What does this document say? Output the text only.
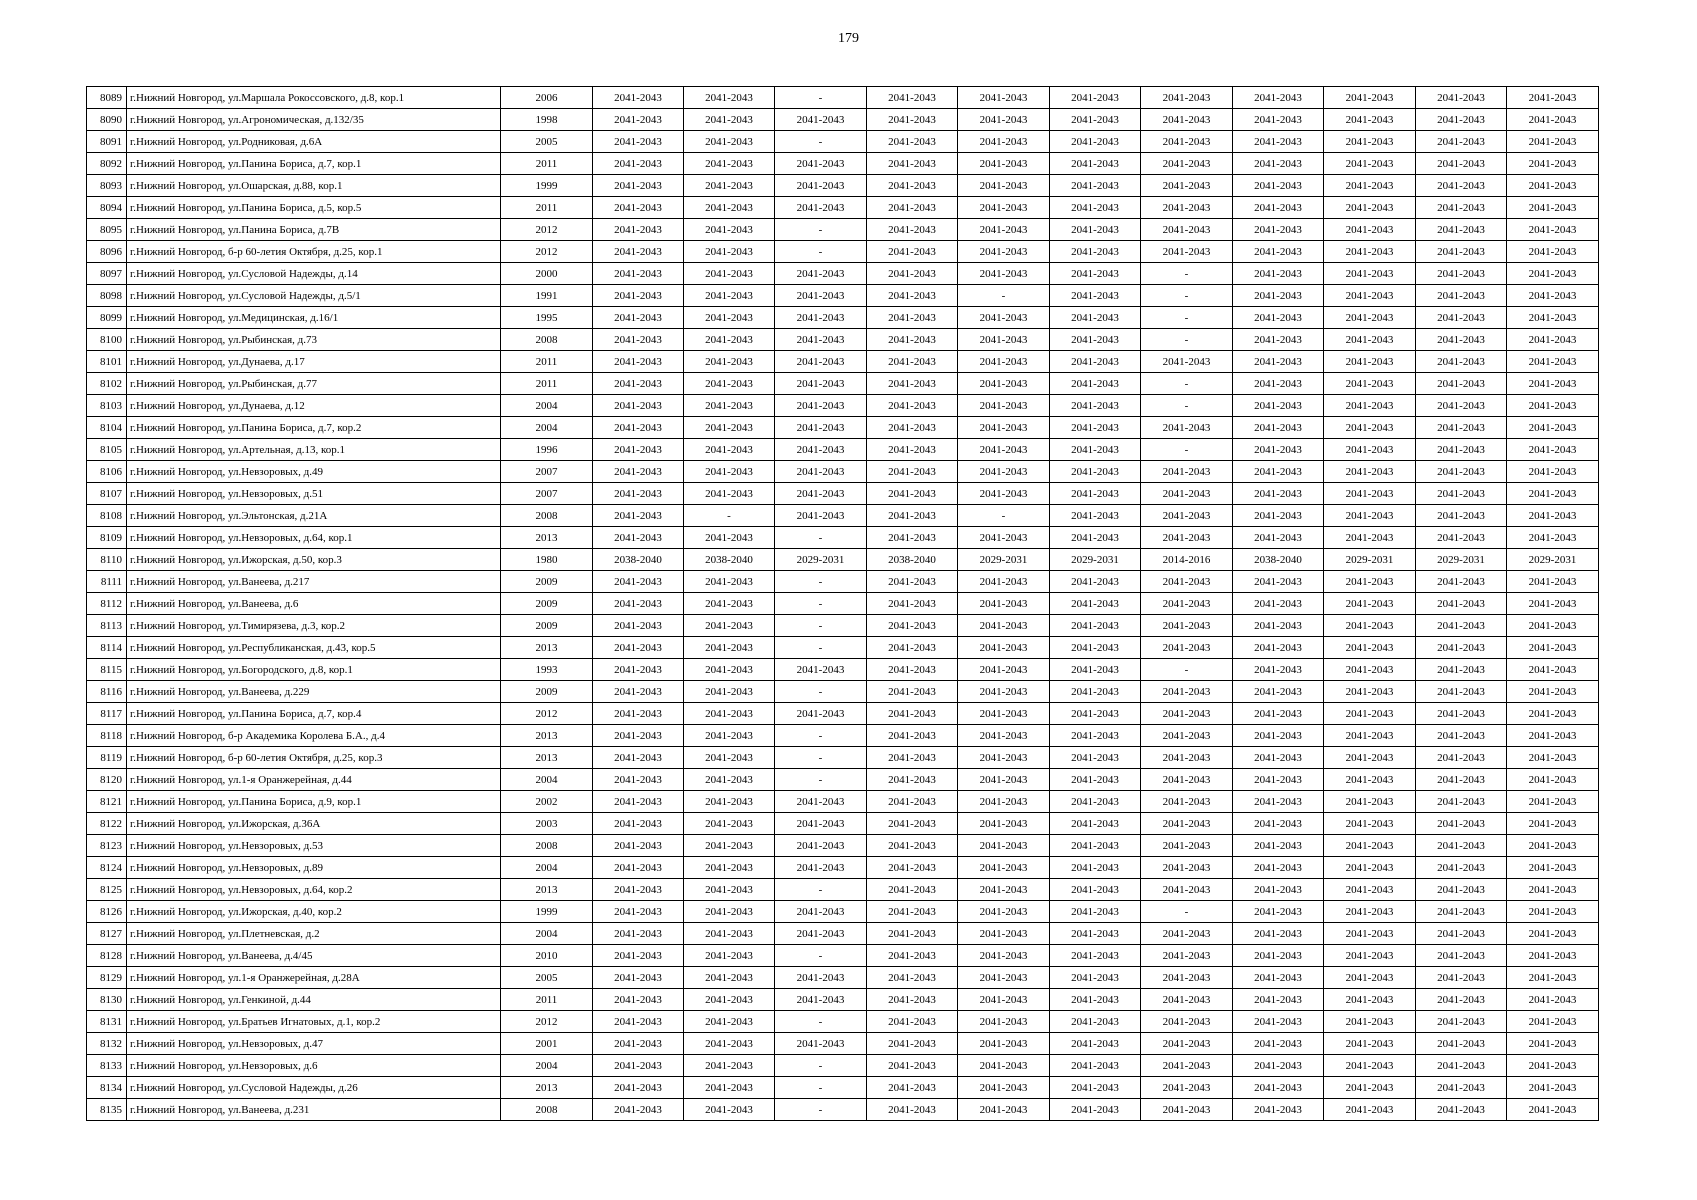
179
8089	г.Нижний Новгород, ул.Маршала Рокоссовского, д.8, кор.1	2006	2041-2043	2041-2043	-	2041-2043	2041-2043	2041-2043	2041-2043	2041-2043	2041-2043	2041-2043	2041-2043
8090	г.Нижний Новгород, ул.Агрономическая, д.132/35	1998	2041-2043	2041-2043	2041-2043	2041-2043	2041-2043	2041-2043	2041-2043	2041-2043	2041-2043	2041-2043	2041-2043
8091	г.Нижний Новгород, ул.Родниковая, д.6А	2005	2041-2043	2041-2043	-	2041-2043	2041-2043	2041-2043	2041-2043	2041-2043	2041-2043	2041-2043	2041-2043
8092	г.Нижний Новгород, ул.Панина Бориса, д.7, кор.1	2011	2041-2043	2041-2043	2041-2043	2041-2043	2041-2043	2041-2043	2041-2043	2041-2043	2041-2043	2041-2043	2041-2043
8093	г.Нижний Новгород, ул.Ошарская, д.88, кор.1	1999	2041-2043	2041-2043	2041-2043	2041-2043	2041-2043	2041-2043	2041-2043	2041-2043	2041-2043	2041-2043	2041-2043
8094	г.Нижний Новгород, ул.Панина Бориса, д.5, кор.5	2011	2041-2043	2041-2043	2041-2043	2041-2043	2041-2043	2041-2043	2041-2043	2041-2043	2041-2043	2041-2043	2041-2043
8095	г.Нижний Новгород, ул.Панина Бориса, д.7В	2012	2041-2043	2041-2043	-	2041-2043	2041-2043	2041-2043	2041-2043	2041-2043	2041-2043	2041-2043	2041-2043
8096	г.Нижний Новгород, б-р 60-летия Октября, д.25, кор.1	2012	2041-2043	2041-2043	-	2041-2043	2041-2043	2041-2043	2041-2043	2041-2043	2041-2043	2041-2043	2041-2043
8097	г.Нижний Новгород, ул.Сусловой Надежды, д.14	2000	2041-2043	2041-2043	2041-2043	2041-2043	2041-2043	2041-2043	-	2041-2043	2041-2043	2041-2043	2041-2043
8098	г.Нижний Новгород, ул.Сусловой Надежды, д.5/1	1991	2041-2043	2041-2043	2041-2043	2041-2043	-	2041-2043	-	2041-2043	2041-2043	2041-2043	2041-2043
8099	г.Нижний Новгород, ул.Медицинская, д.16/1	1995	2041-2043	2041-2043	2041-2043	2041-2043	2041-2043	2041-2043	-	2041-2043	2041-2043	2041-2043	2041-2043
8100	г.Нижний Новгород, ул.Рыбинская, д.73	2008	2041-2043	2041-2043	2041-2043	2041-2043	2041-2043	2041-2043	-	2041-2043	2041-2043	2041-2043	2041-2043
8101	г.Нижний Новгород, ул.Дунаева, д.17	2011	2041-2043	2041-2043	2041-2043	2041-2043	2041-2043	2041-2043	2041-2043	2041-2043	2041-2043	2041-2043	2041-2043
8102	г.Нижний Новгород, ул.Рыбинская, д.77	2011	2041-2043	2041-2043	2041-2043	2041-2043	2041-2043	2041-2043	-	2041-2043	2041-2043	2041-2043	2041-2043
8103	г.Нижний Новгород, ул.Дунаева, д.12	2004	2041-2043	2041-2043	2041-2043	2041-2043	2041-2043	2041-2043	-	2041-2043	2041-2043	2041-2043	2041-2043
8104	г.Нижний Новгород, ул.Панина Бориса, д.7, кор.2	2004	2041-2043	2041-2043	2041-2043	2041-2043	2041-2043	2041-2043	2041-2043	2041-2043	2041-2043	2041-2043	2041-2043
8105	г.Нижний Новгород, ул.Артельная, д.13, кор.1	1996	2041-2043	2041-2043	2041-2043	2041-2043	2041-2043	2041-2043	-	2041-2043	2041-2043	2041-2043	2041-2043
8106	г.Нижний Новгород, ул.Невзоровых, д.49	2007	2041-2043	2041-2043	2041-2043	2041-2043	2041-2043	2041-2043	2041-2043	2041-2043	2041-2043	2041-2043	2041-2043
8107	г.Нижний Новгород, ул.Невзоровых, д.51	2007	2041-2043	2041-2043	2041-2043	2041-2043	2041-2043	2041-2043	2041-2043	2041-2043	2041-2043	2041-2043	2041-2043
8108	г.Нижний Новгород, ул.Эльтонская, д.21А	2008	2041-2043	-	2041-2043	2041-2043	-	2041-2043	2041-2043	2041-2043	2041-2043	2041-2043	2041-2043
8109	г.Нижний Новгород, ул.Невзоровых, д.64, кор.1	2013	2041-2043	2041-2043	-	2041-2043	2041-2043	2041-2043	2041-2043	2041-2043	2041-2043	2041-2043	2041-2043
8110	г.Нижний Новгород, ул.Ижорская, д.50, кор.3	1980	2038-2040	2038-2040	2029-2031	2038-2040	2029-2031	2029-2031	2014-2016	2038-2040	2029-2031	2029-2031	2029-2031
8111	г.Нижний Новгород, ул.Ванеева, д.217	2009	2041-2043	2041-2043	-	2041-2043	2041-2043	2041-2043	2041-2043	2041-2043	2041-2043	2041-2043	2041-2043
8112	г.Нижний Новгород, ул.Ванеева, д.6	2009	2041-2043	2041-2043	-	2041-2043	2041-2043	2041-2043	2041-2043	2041-2043	2041-2043	2041-2043	2041-2043
8113	г.Нижний Новгород, ул.Тимирязева, д.3, кор.2	2009	2041-2043	2041-2043	-	2041-2043	2041-2043	2041-2043	2041-2043	2041-2043	2041-2043	2041-2043	2041-2043
8114	г.Нижний Новгород, ул.Республиканская, д.43, кор.5	2013	2041-2043	2041-2043	-	2041-2043	2041-2043	2041-2043	2041-2043	2041-2043	2041-2043	2041-2043	2041-2043
8115	г.Нижний Новгород, ул.Богородского, д.8, кор.1	1993	2041-2043	2041-2043	2041-2043	2041-2043	2041-2043	2041-2043	-	2041-2043	2041-2043	2041-2043	2041-2043
8116	г.Нижний Новгород, ул.Ванеева, д.229	2009	2041-2043	2041-2043	-	2041-2043	2041-2043	2041-2043	2041-2043	2041-2043	2041-2043	2041-2043	2041-2043
8117	г.Нижний Новгород, ул.Панина Бориса, д.7, кор.4	2012	2041-2043	2041-2043	2041-2043	2041-2043	2041-2043	2041-2043	2041-2043	2041-2043	2041-2043	2041-2043	2041-2043
8118	г.Нижний Новгород, б-р Академика Королева Б.А., д.4	2013	2041-2043	2041-2043	-	2041-2043	2041-2043	2041-2043	2041-2043	2041-2043	2041-2043	2041-2043	2041-2043
8119	г.Нижний Новгород, б-р 60-летия Октября, д.25, кор.3	2013	2041-2043	2041-2043	-	2041-2043	2041-2043	2041-2043	2041-2043	2041-2043	2041-2043	2041-2043	2041-2043
8120	г.Нижний Новгород, ул.1-я Оранжерейная, д.44	2004	2041-2043	2041-2043	-	2041-2043	2041-2043	2041-2043	2041-2043	2041-2043	2041-2043	2041-2043	2041-2043
8121	г.Нижний Новгород, ул.Панина Бориса, д.9, кор.1	2002	2041-2043	2041-2043	2041-2043	2041-2043	2041-2043	2041-2043	2041-2043	2041-2043	2041-2043	2041-2043	2041-2043
8122	г.Нижний Новгород, ул.Ижорская, д.36А	2003	2041-2043	2041-2043	2041-2043	2041-2043	2041-2043	2041-2043	2041-2043	2041-2043	2041-2043	2041-2043	2041-2043
8123	г.Нижний Новгород, ул.Невзоровых, д.53	2008	2041-2043	2041-2043	2041-2043	2041-2043	2041-2043	2041-2043	2041-2043	2041-2043	2041-2043	2041-2043	2041-2043
8124	г.Нижний Новгород, ул.Невзоровых, д.89	2004	2041-2043	2041-2043	2041-2043	2041-2043	2041-2043	2041-2043	2041-2043	2041-2043	2041-2043	2041-2043	2041-2043
8125	г.Нижний Новгород, ул.Невзоровых, д.64, кор.2	2013	2041-2043	2041-2043	-	2041-2043	2041-2043	2041-2043	2041-2043	2041-2043	2041-2043	2041-2043	2041-2043
8126	г.Нижний Новгород, ул.Ижорская, д.40, кор.2	1999	2041-2043	2041-2043	2041-2043	2041-2043	2041-2043	2041-2043	-	2041-2043	2041-2043	2041-2043	2041-2043
8127	г.Нижний Новгород, ул.Плетневская, д.2	2004	2041-2043	2041-2043	2041-2043	2041-2043	2041-2043	2041-2043	2041-2043	2041-2043	2041-2043	2041-2043	2041-2043
8128	г.Нижний Новгород, ул.Ванеева, д.4/45	2010	2041-2043	2041-2043	-	2041-2043	2041-2043	2041-2043	2041-2043	2041-2043	2041-2043	2041-2043	2041-2043
8129	г.Нижний Новгород, ул.1-я Оранжерейная, д.28А	2005	2041-2043	2041-2043	2041-2043	2041-2043	2041-2043	2041-2043	2041-2043	2041-2043	2041-2043	2041-2043	2041-2043
8130	г.Нижний Новгород, ул.Генкиной, д.44	2011	2041-2043	2041-2043	2041-2043	2041-2043	2041-2043	2041-2043	2041-2043	2041-2043	2041-2043	2041-2043	2041-2043
8131	г.Нижний Новгород, ул.Братьев Игнатовых, д.1, кор.2	2012	2041-2043	2041-2043	-	2041-2043	2041-2043	2041-2043	2041-2043	2041-2043	2041-2043	2041-2043	2041-2043
8132	г.Нижний Новгород, ул.Невзоровых, д.47	2001	2041-2043	2041-2043	2041-2043	2041-2043	2041-2043	2041-2043	2041-2043	2041-2043	2041-2043	2041-2043	2041-2043
8133	г.Нижний Новгород, ул.Невзоровых, д.6	2004	2041-2043	2041-2043	-	2041-2043	2041-2043	2041-2043	2041-2043	2041-2043	2041-2043	2041-2043	2041-2043
8134	г.Нижний Новгород, ул.Сусловой Надежды, д.26	2013	2041-2043	2041-2043	-	2041-2043	2041-2043	2041-2043	2041-2043	2041-2043	2041-2043	2041-2043	2041-2043
8135	г.Нижний Новгород, ул.Ванеева, д.231	2008	2041-2043	2041-2043	-	2041-2043	2041-2043	2041-2043	2041-2043	2041-2043	2041-2043	2041-2043	2041-2043
